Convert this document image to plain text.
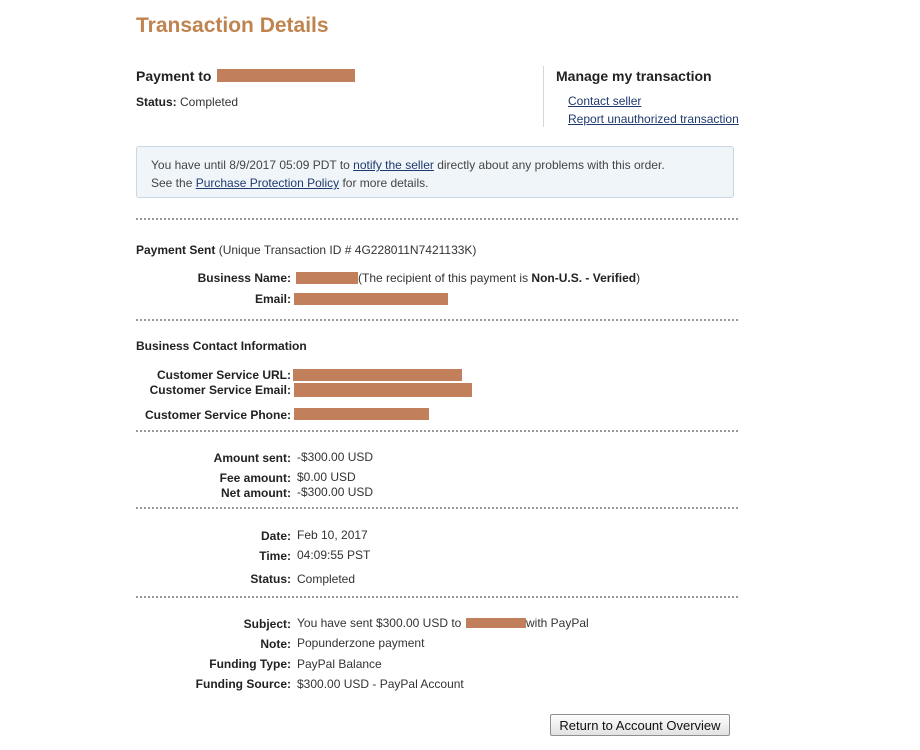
Transaction Details
Payment to
Status: Completed
Manage my transaction
Contact seller
Report unauthorized transaction
You have until 8/9/2017 05:09 PDT to notify the seller directly about any problems with this order.
See the Purchase Protection Policy for more details.
Payment Sent (Unique Transaction ID # 4G228011N7421133K)
Business Name:	(The recipient of this payment is Non-U.S. - Verified)
Email:
Business Contact Information
Customer Service URL:
Customer Service Email:
Customer Service Phone:
Amount sent: -$300.00 USD
Fee amount: $0.00 USD
Net amount: -$300.00 USD
Date: Feb 10, 2017
Time: 04:09:55 PST
Status: Completed
Subject: You have sent $300.00 USD to	with PayPal
Note: Popunderzone payment
Funding Type: PayPal Balance
Funding Source: $300.00 USD - PayPal Account
Return to Account Overview
